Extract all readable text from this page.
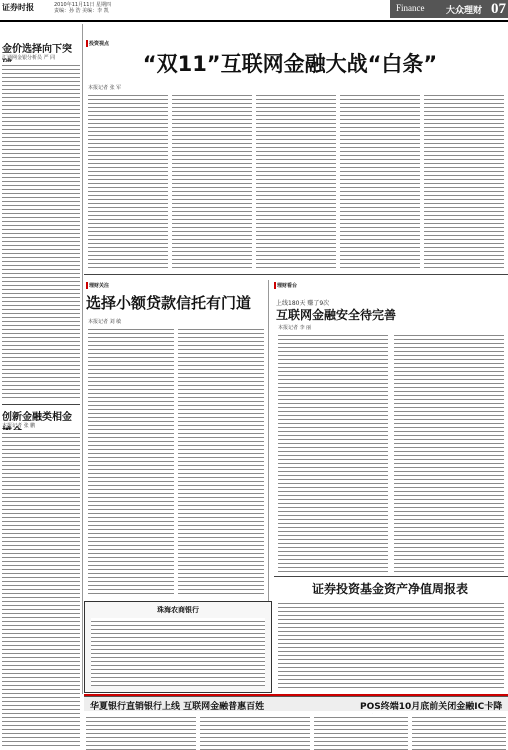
证券时报	2010年11月11日 星期四
责编：孙 浩 美编：李 凯	Finance 大众理财 07
金价选择向下突
汇通网金银分析员 严 同
创新金融类相金
本报记者 张 鹏
投资视点
“双11”互联网金融大战“白条”
本报记者 张 军
理财关注
选择小额贷款信托有门道
本报记者 刘 敏
理财看台
上线180天 赚了9次
互联网金融安全待完善
本报记者 李 丽
证券投资基金资产净值周报表
珠海农商银行
华夏银行直销银行上线 互联网金融普惠百姓	POS终端10月底前关闭金融IC卡降
